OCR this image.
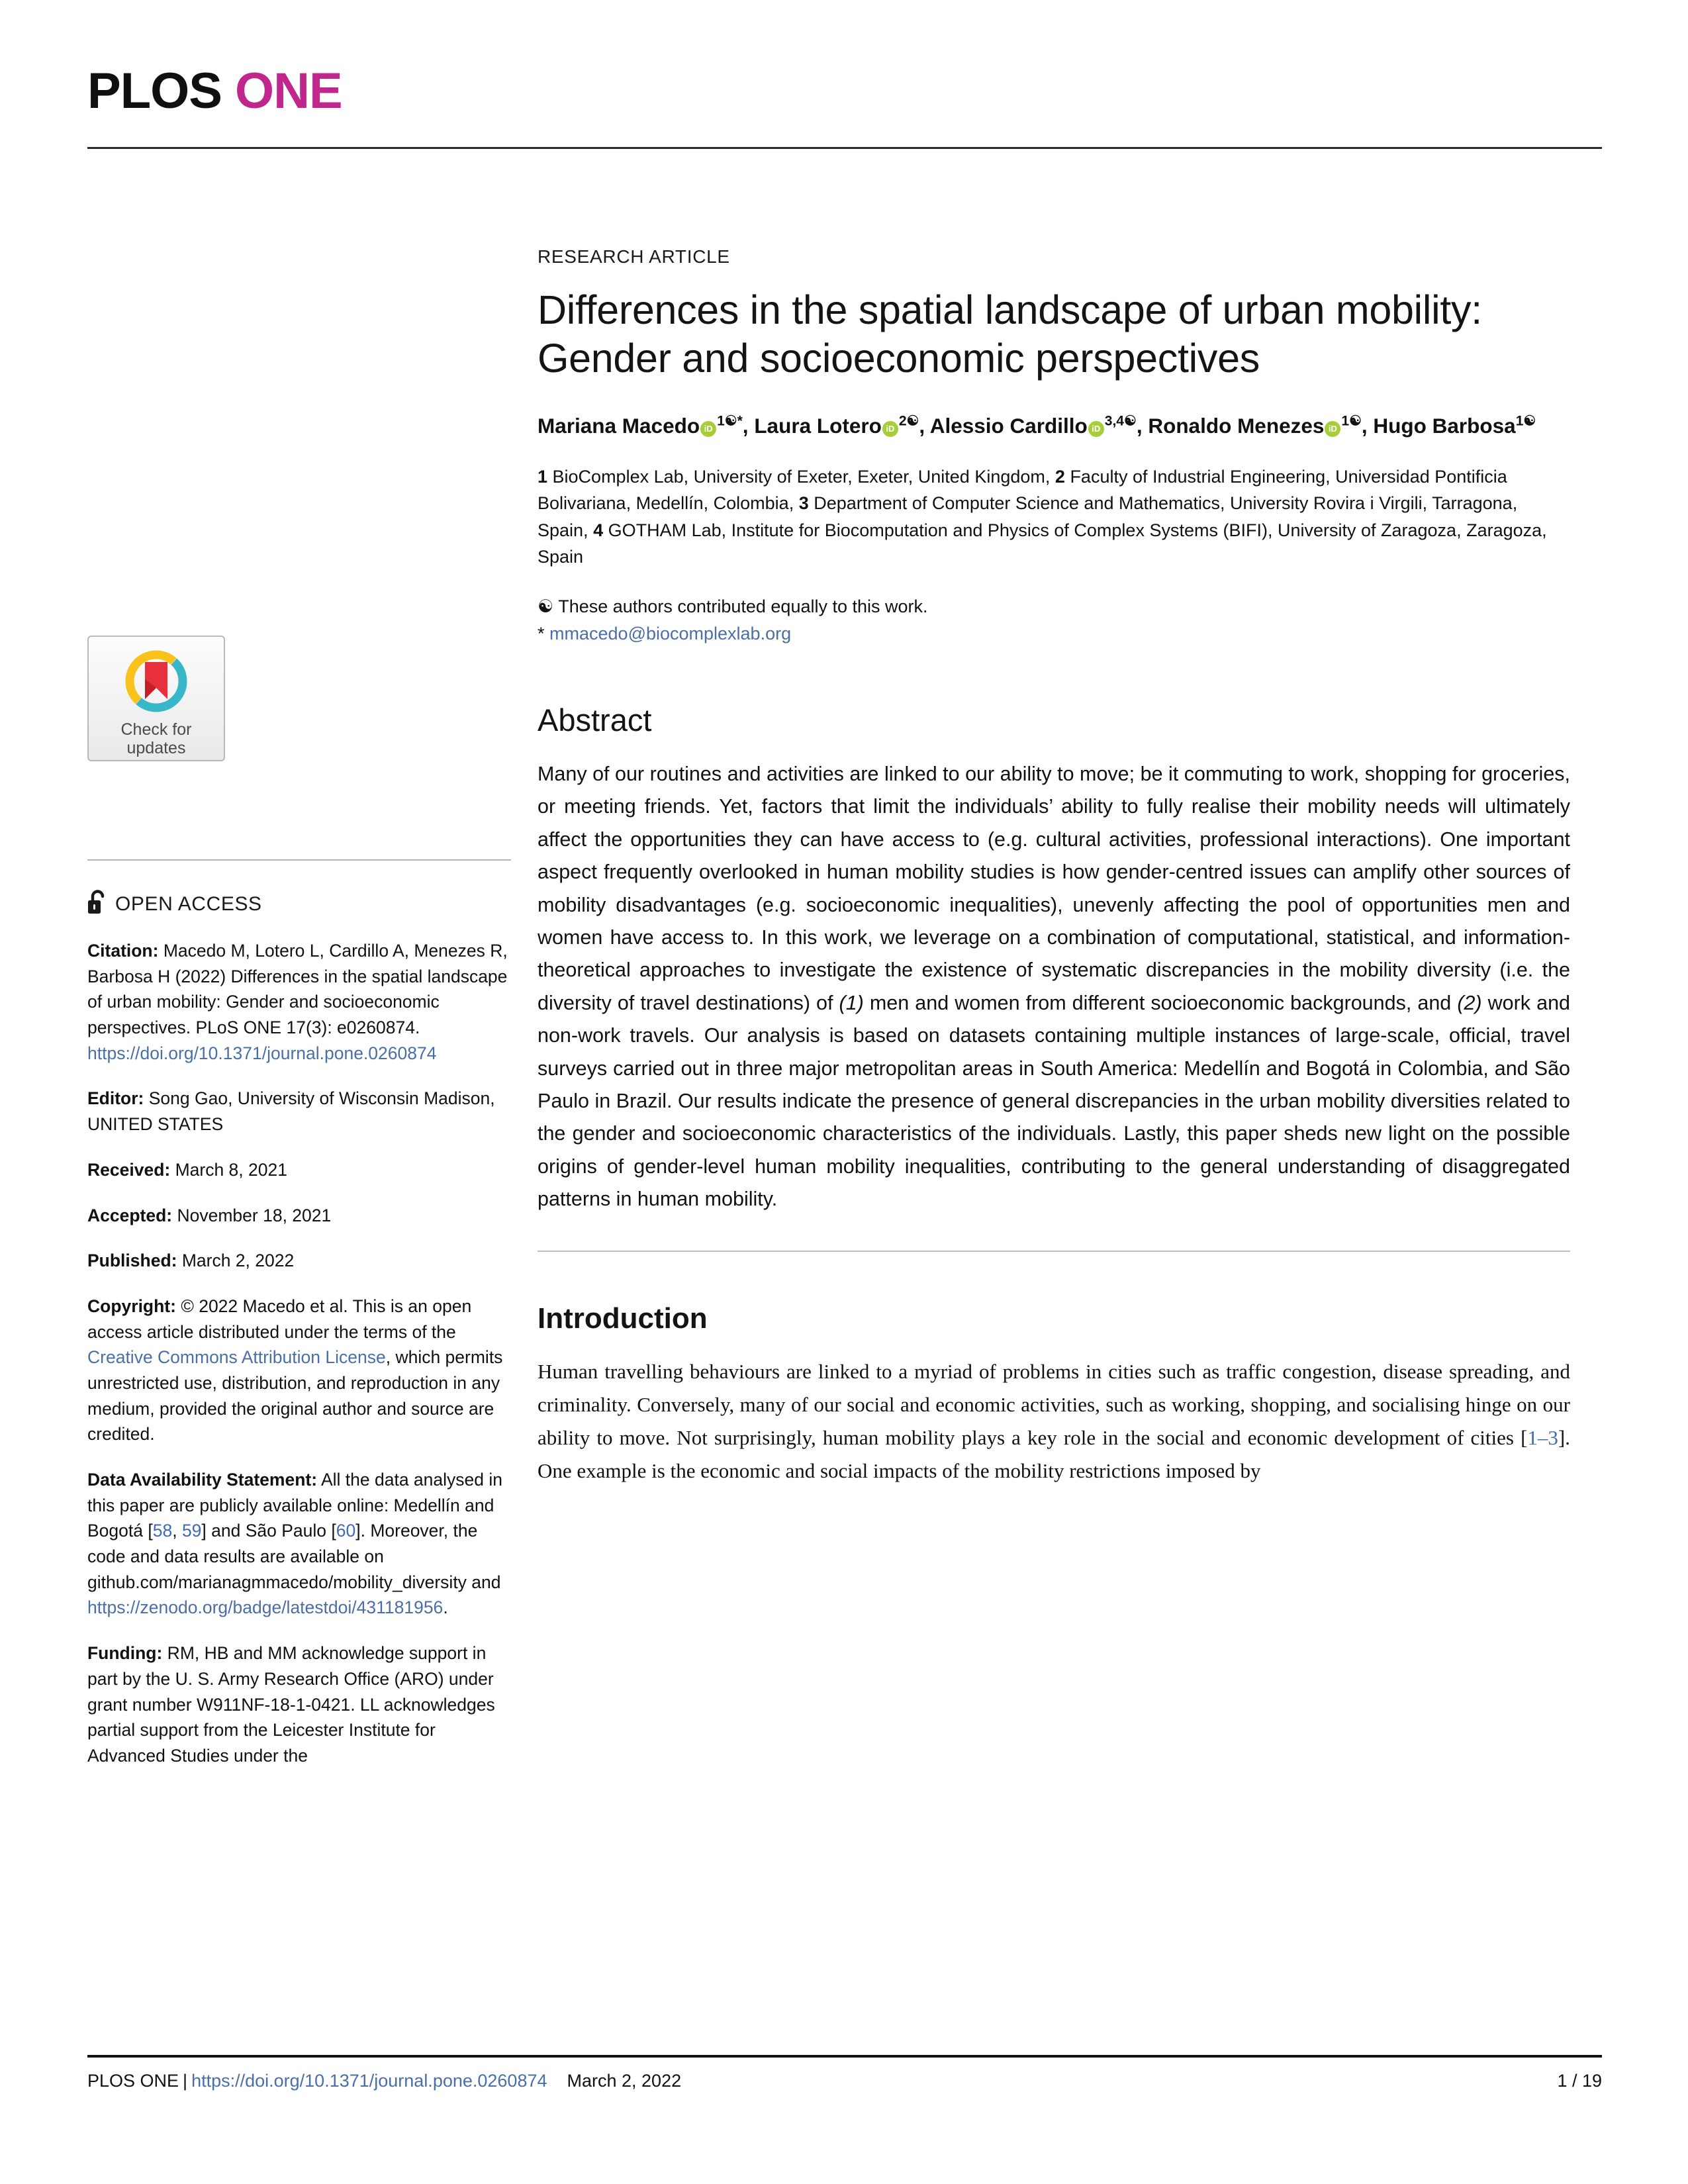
PLOS ONE
Check for
updates
OPEN ACCESS
Citation: Macedo M, Lotero L, Cardillo A, Menezes R, Barbosa H (2022) Differences in the spatial landscape of urban mobility: Gender and socioeconomic perspectives. PLoS ONE 17(3): e0260874. https://doi.org/10.1371/journal.pone.0260874
Editor: Song Gao, University of Wisconsin Madison, UNITED STATES
Received: March 8, 2021
Accepted: November 18, 2021
Published: March 2, 2022
Copyright: © 2022 Macedo et al. This is an open access article distributed under the terms of the Creative Commons Attribution License, which permits unrestricted use, distribution, and reproduction in any medium, provided the original author and source are credited.
Data Availability Statement: All the data analysed in this paper are publicly available online: Medellín and Bogotá [58, 59] and São Paulo [60]. Moreover, the code and data results are available on github.com/marianagmmacedo/mobility_diversity and https://zenodo.org/badge/latestdoi/431181956.
Funding: RM, HB and MM acknowledge support in part by the U. S. Army Research Office (ARO) under grant number W911NF-18-1-0421. LL acknowledges partial support from the Leicester Institute for Advanced Studies under the
RESEARCH ARTICLE
Differences in the spatial landscape of urban mobility: Gender and socioeconomic perspectives
Mariana Macedo iD $^{1☯*}$, Laura Lotero iD $^{2☯}$, Alessio Cardillo iD $^{3,4☯}$, Ronaldo Menezes iD $^{1☯}$, Hugo Barbosa$^{1☯}$
1 BioComplex Lab, University of Exeter, Exeter, United Kingdom, 2 Faculty of Industrial Engineering, Universidad Pontificia Bolivariana, Medellín, Colombia, 3 Department of Computer Science and Mathematics, University Rovira i Virgili, Tarragona, Spain, 4 GOTHAM Lab, Institute for Biocomputation and Physics of Complex Systems (BIFI), University of Zaragoza, Zaragoza, Spain
☯ These authors contributed equally to this work.
* mmacedo@biocomplexlab.org
Abstract

Many of our routines and activities are linked to our ability to move; be it commuting to work, shopping for groceries, or meeting friends. Yet, factors that limit the individuals’ ability to fully realise their mobility needs will ultimately affect the opportunities they can have access to (e.g. cultural activities, professional interactions). One important aspect frequently overlooked in human mobility studies is how gender-centred issues can amplify other sources of mobility disadvantages (e.g. socioeconomic inequalities), unevenly affecting the pool of opportunities men and women have access to. In this work, we leverage on a combination of computational, statistical, and information-theoretical approaches to investigate the existence of systematic discrepancies in the mobility diversity (i.e. the diversity of travel destinations) of (1) men and women from different socioeconomic backgrounds, and (2) work and non-work travels. Our analysis is based on datasets containing multiple instances of large-scale, official, travel surveys carried out in three major metropolitan areas in South America: Medellín and Bogotá in Colombia, and São Paulo in Brazil. Our results indicate the presence of general discrepancies in the urban mobility diversities related to the gender and socioeconomic characteristics of the individuals. Lastly, this paper sheds new light on the possible origins of gender-level human mobility inequalities, contributing to the general understanding of disaggregated patterns in human mobility.

Introduction

Human travelling behaviours are linked to a myriad of problems in cities such as traffic congestion, disease spreading, and criminality. Conversely, many of our social and economic activities, such as working, shopping, and socialising hinge on our ability to move. Not surprisingly, human mobility plays a key role in the social and economic development of cities [1–3]. One example is the economic and social impacts of the mobility restrictions imposed by

PLOS ONE | https://doi.org/10.1371/journal.pone.0260874 March 2, 2022	1 / 19
